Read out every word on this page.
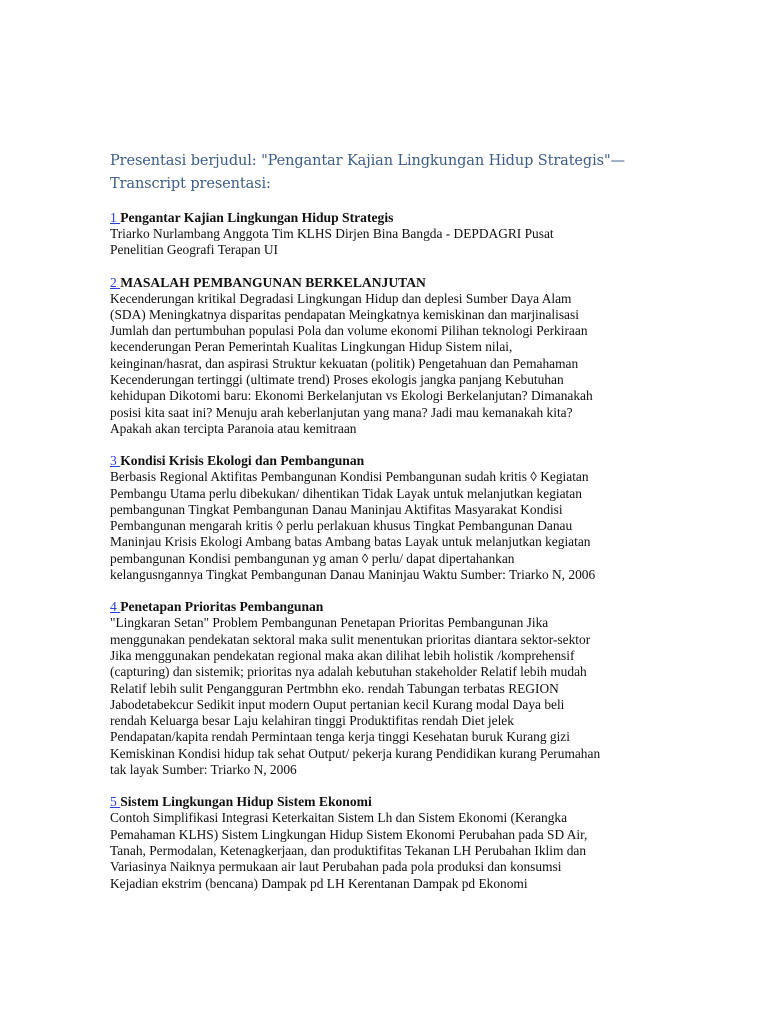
Presentasi berjudul: "Pengantar Kajian Lingkungan Hidup Strategis"—
Transcript presentasi:
1 Pengantar Kajian Lingkungan Hidup Strategis

Triarko Nurlambang Anggota Tim KLHS Dirjen Bina Bangda - DEPDAGRI Pusat
Penelitian Geografi Terapan UI

2 MASALAH PEMBANGUNAN BERKELANJUTAN

Kecenderungan kritikal Degradasi Lingkungan Hidup dan deplesi Sumber Daya Alam
(SDA) Meningkatnya disparitas pendapatan Meingkatnya kemiskinan dan marjinalisasi
Jumlah dan pertumbuhan populasi Pola dan volume ekonomi Pilihan teknologi Perkiraan
kecenderungan Peran Pemerintah Kualitas Lingkungan Hidup Sistem nilai,
keinginan/hasrat, dan aspirasi Struktur kekuatan (politik) Pengetahuan dan Pemahaman
Kecenderungan tertinggi (ultimate trend) Proses ekologis jangka panjang Kebutuhan
kehidupan Dikotomi baru: Ekonomi Berkelanjutan vs Ekologi Berkelanjutan? Dimanakah
posisi kita saat ini? Menuju arah keberlanjutan yang mana? Jadi mau kemanakah kita?
Apakah akan tercipta Paranoia atau kemitraan

3 Kondisi Krisis Ekologi dan Pembangunan

Berbasis Regional Aktifitas Pembangunan Kondisi Pembangunan sudah kritis ◊ Kegiatan
Pembangu Utama perlu dibekukan/ dihentikan Tidak Layak untuk melanjutkan kegiatan
pembangunan Tingkat Pembangunan Danau Maninjau Aktifitas Masyarakat Kondisi
Pembangunan mengarah kritis ◊ perlu perlakuan khusus Tingkat Pembangunan Danau
Maninjau Krisis Ekologi Ambang batas Ambang batas Layak untuk melanjutkan kegiatan
pembangunan Kondisi pembangunan yg aman ◊ perlu/ dapat dipertahankan
kelangusngannya Tingkat Pembangunan Danau Maninjau Waktu Sumber: Triarko N, 2006

4 Penetapan Prioritas Pembangunan

"Lingkaran Setan" Problem Pembangunan Penetapan Prioritas Pembangunan Jika
menggunakan pendekatan sektoral maka sulit menentukan prioritas diantara sektor-sektor
Jika menggunakan pendekatan regional maka akan dilihat lebih holistik /komprehensif
(capturing) dan sistemik; prioritas nya adalah kebutuhan stakeholder Relatif lebih mudah
Relatif lebih sulit Pengangguran Pertmbhn eko. rendah Tabungan terbatas REGION
Jabodetabekcur Sedikit input modern Ouput pertanian kecil Kurang modal Daya beli
rendah Keluarga besar Laju kelahiran tinggi Produktifitas rendah Diet jelek
Pendapatan/kapita rendah Permintaan tenga kerja tinggi Kesehatan buruk Kurang gizi
Kemiskinan Kondisi hidup tak sehat Output/ pekerja kurang Pendidikan kurang Perumahan
tak layak Sumber: Triarko N, 2006

5 Sistem Lingkungan Hidup Sistem Ekonomi

Contoh Simplifikasi Integrasi Keterkaitan Sistem Lh dan Sistem Ekonomi (Kerangka
Pemahaman KLHS) Sistem Lingkungan Hidup Sistem Ekonomi Perubahan pada SD Air,
Tanah, Permodalan, Ketenagkerjaan, dan produktifitas Tekanan LH Perubahan Iklim dan
Variasinya Naiknya permukaan air laut Perubahan pada pola produksi dan konsumsi
Kejadian ekstrim (bencana) Dampak pd LH Kerentanan Dampak pd Ekonomi
